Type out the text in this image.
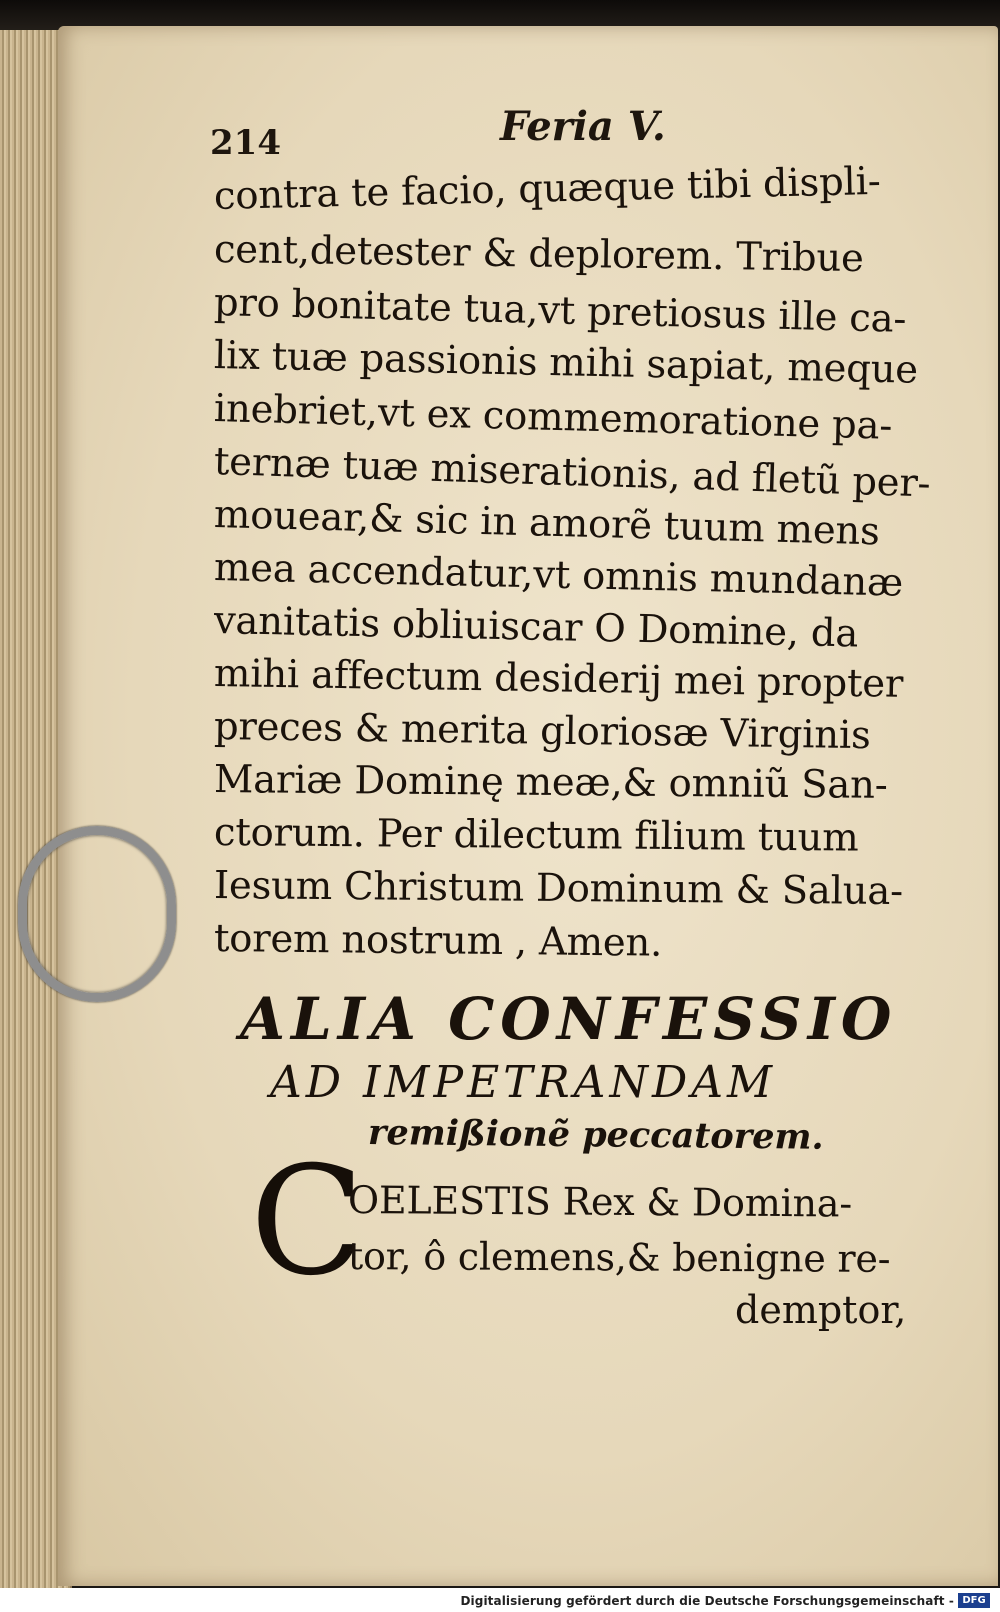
214	Feria V.
contra te facio, quæque tibi displi-
cent,detester & deplorem. Tribue
pro bonitate tua,vt pretiosus ille ca-
lix tuæ passionis mihi sapiat, meque
inebriet,vt ex commemoratione pa-
ternæ tuæ miserationis, ad fletũ per-
mouear,& sic in amorẽ tuum mens
mea accendatur,vt omnis mundanæ
vanitatis obliuiscar O Domine, da
mihi affectum desiderij mei propter
preces & merita gloriosæ Virginis
Mariæ Dominę meæ,& omniũ San-
ctorum. Per dilectum filium tuum
Iesum Christum Dominum & Salua-
torem nostrum , Amen.
ALIA CONFESSIO
AD IMPETRANDAM
remißionẽ peccatorem.
C
OELESTIS Rex & Domina-
tor, ô clemens,& benigne re-
demptor,
Digitalisierung gefördert durch die Deutsche Forschungsgemeinschaft - DFG
